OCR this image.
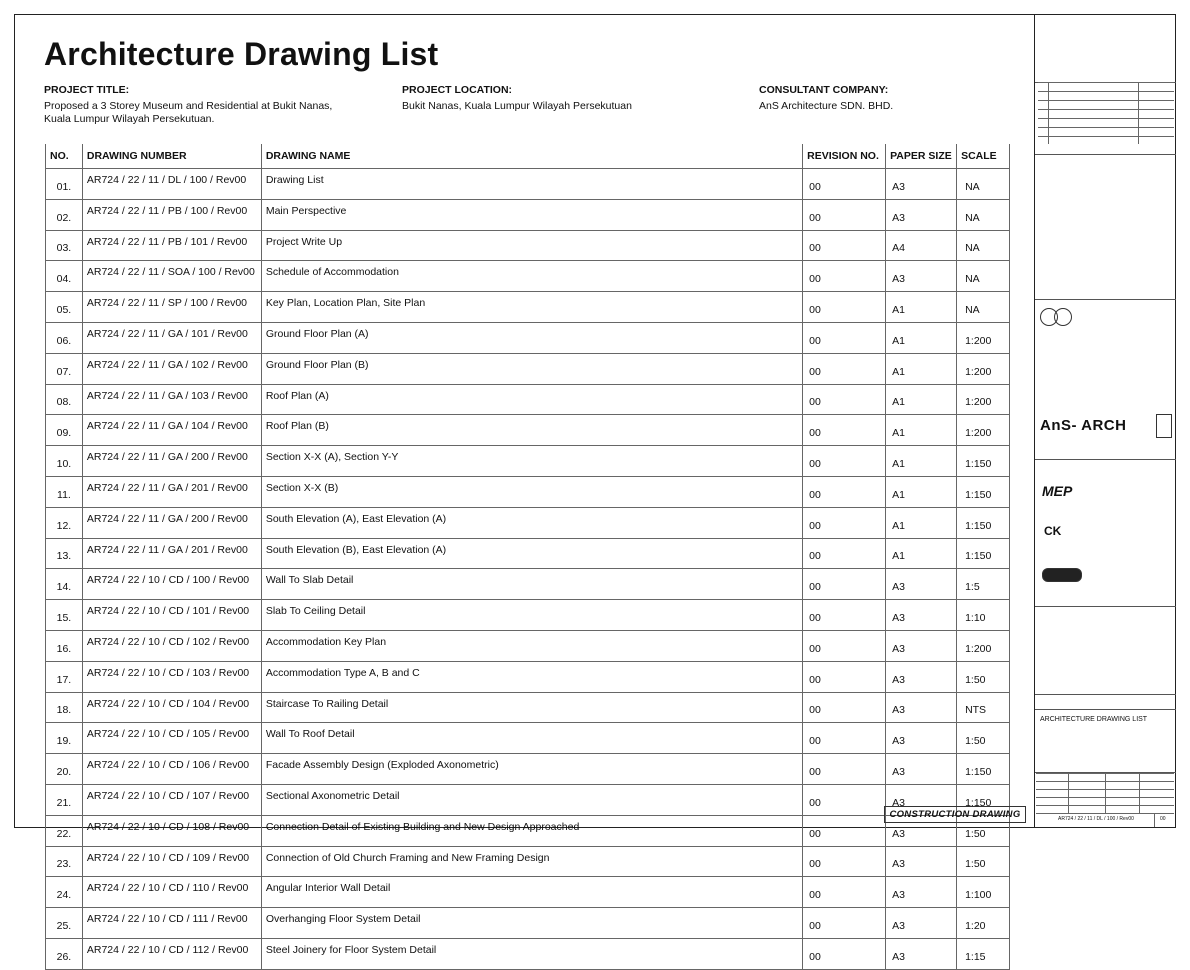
Architecture Drawing List
PROJECT TITLE:
Proposed a 3 Storey Museum and Residential at Bukit Nanas,
Kuala Lumpur Wilayah Persekutuan.
PROJECT LOCATION:
Bukit Nanas, Kuala Lumpur Wilayah Persekutuan
CONSULTANT COMPANY:
AnS Architecture SDN. BHD.
NO.	DRAWING NUMBER	DRAWING NAME	REVISION NO.	PAPER SIZE	SCALE
01.	AR724 / 22 / 11 / DL / 100 / Rev00	Drawing List	00	A3	NA
02.	AR724 / 22 / 11 / PB / 100 / Rev00	Main Perspective	00	A3	NA
03.	AR724 / 22 / 11 / PB / 101 / Rev00	Project Write Up	00	A4	NA
04.	AR724 / 22 / 11 / SOA / 100 / Rev00	Schedule of Accommodation	00	A3	NA
05.	AR724 / 22 / 11 / SP / 100 / Rev00	Key Plan, Location Plan, Site Plan	00	A1	NA
06.	AR724 / 22 / 11 / GA / 101 / Rev00	Ground Floor Plan (A)	00	A1	1:200
07.	AR724 / 22 / 11 / GA / 102 / Rev00	Ground Floor Plan (B)	00	A1	1:200
08.	AR724 / 22 / 11 / GA / 103 / Rev00	Roof Plan (A)	00	A1	1:200
09.	AR724 / 22 / 11 / GA / 104 / Rev00	Roof Plan (B)	00	A1	1:200
10.	AR724 / 22 / 11 / GA / 200 / Rev00	Section X-X (A), Section Y-Y	00	A1	1:150
11.	AR724 / 22 / 11 / GA / 201 / Rev00	Section X-X (B)	00	A1	1:150
12.	AR724 / 22 / 11 / GA / 200 / Rev00	South Elevation (A), East Elevation (A)	00	A1	1:150
13.	AR724 / 22 / 11 / GA / 201 / Rev00	South Elevation (B), East Elevation (A)	00	A1	1:150
14.	AR724 / 22 / 10 / CD / 100 / Rev00	Wall To Slab Detail	00	A3	1:5
15.	AR724 / 22 / 10 / CD / 101 / Rev00	Slab To Ceiling Detail	00	A3	1:10
16.	AR724 / 22 / 10 / CD / 102 / Rev00	Accommodation Key Plan	00	A3	1:200
17.	AR724 / 22 / 10 / CD / 103 / Rev00	Accommodation Type A, B and C	00	A3	1:50
18.	AR724 / 22 / 10 / CD / 104 / Rev00	Staircase To Railing Detail	00	A3	NTS
19.	AR724 / 22 / 10 / CD / 105 / Rev00	Wall To Roof Detail	00	A3	1:50
20.	AR724 / 22 / 10 / CD / 106 / Rev00	Facade Assembly Design (Exploded Axonometric)	00	A3	1:150
21.	AR724 / 22 / 10 / CD / 107 / Rev00	Sectional Axonometric Detail	00	A3	1:150
22.	AR724 / 22 / 10 / CD / 108 / Rev00	Connection Detail of Existing Building and New Design Approached	00	A3	1:50
23.	AR724 / 22 / 10 / CD / 109 / Rev00	Connection of Old Church Framing and New Framing Design	00	A3	1:50
24.	AR724 / 22 / 10 / CD / 110 / Rev00	Angular Interior Wall Detail	00	A3	1:100
25.	AR724 / 22 / 10 / CD / 111 / Rev00	Overhanging Floor System Detail	00	A3	1:20
26.	AR724 / 22 / 10 / CD / 112 / Rev00	Steel Joinery for Floor System Detail	00	A3	1:15
CONSTRUCTION DRAWING
AnS- ARCH
MEP
CK
ARCHITECTURE DRAWING LIST
AR724 / 22 / 11 / DL / 100 / Rev00	00
